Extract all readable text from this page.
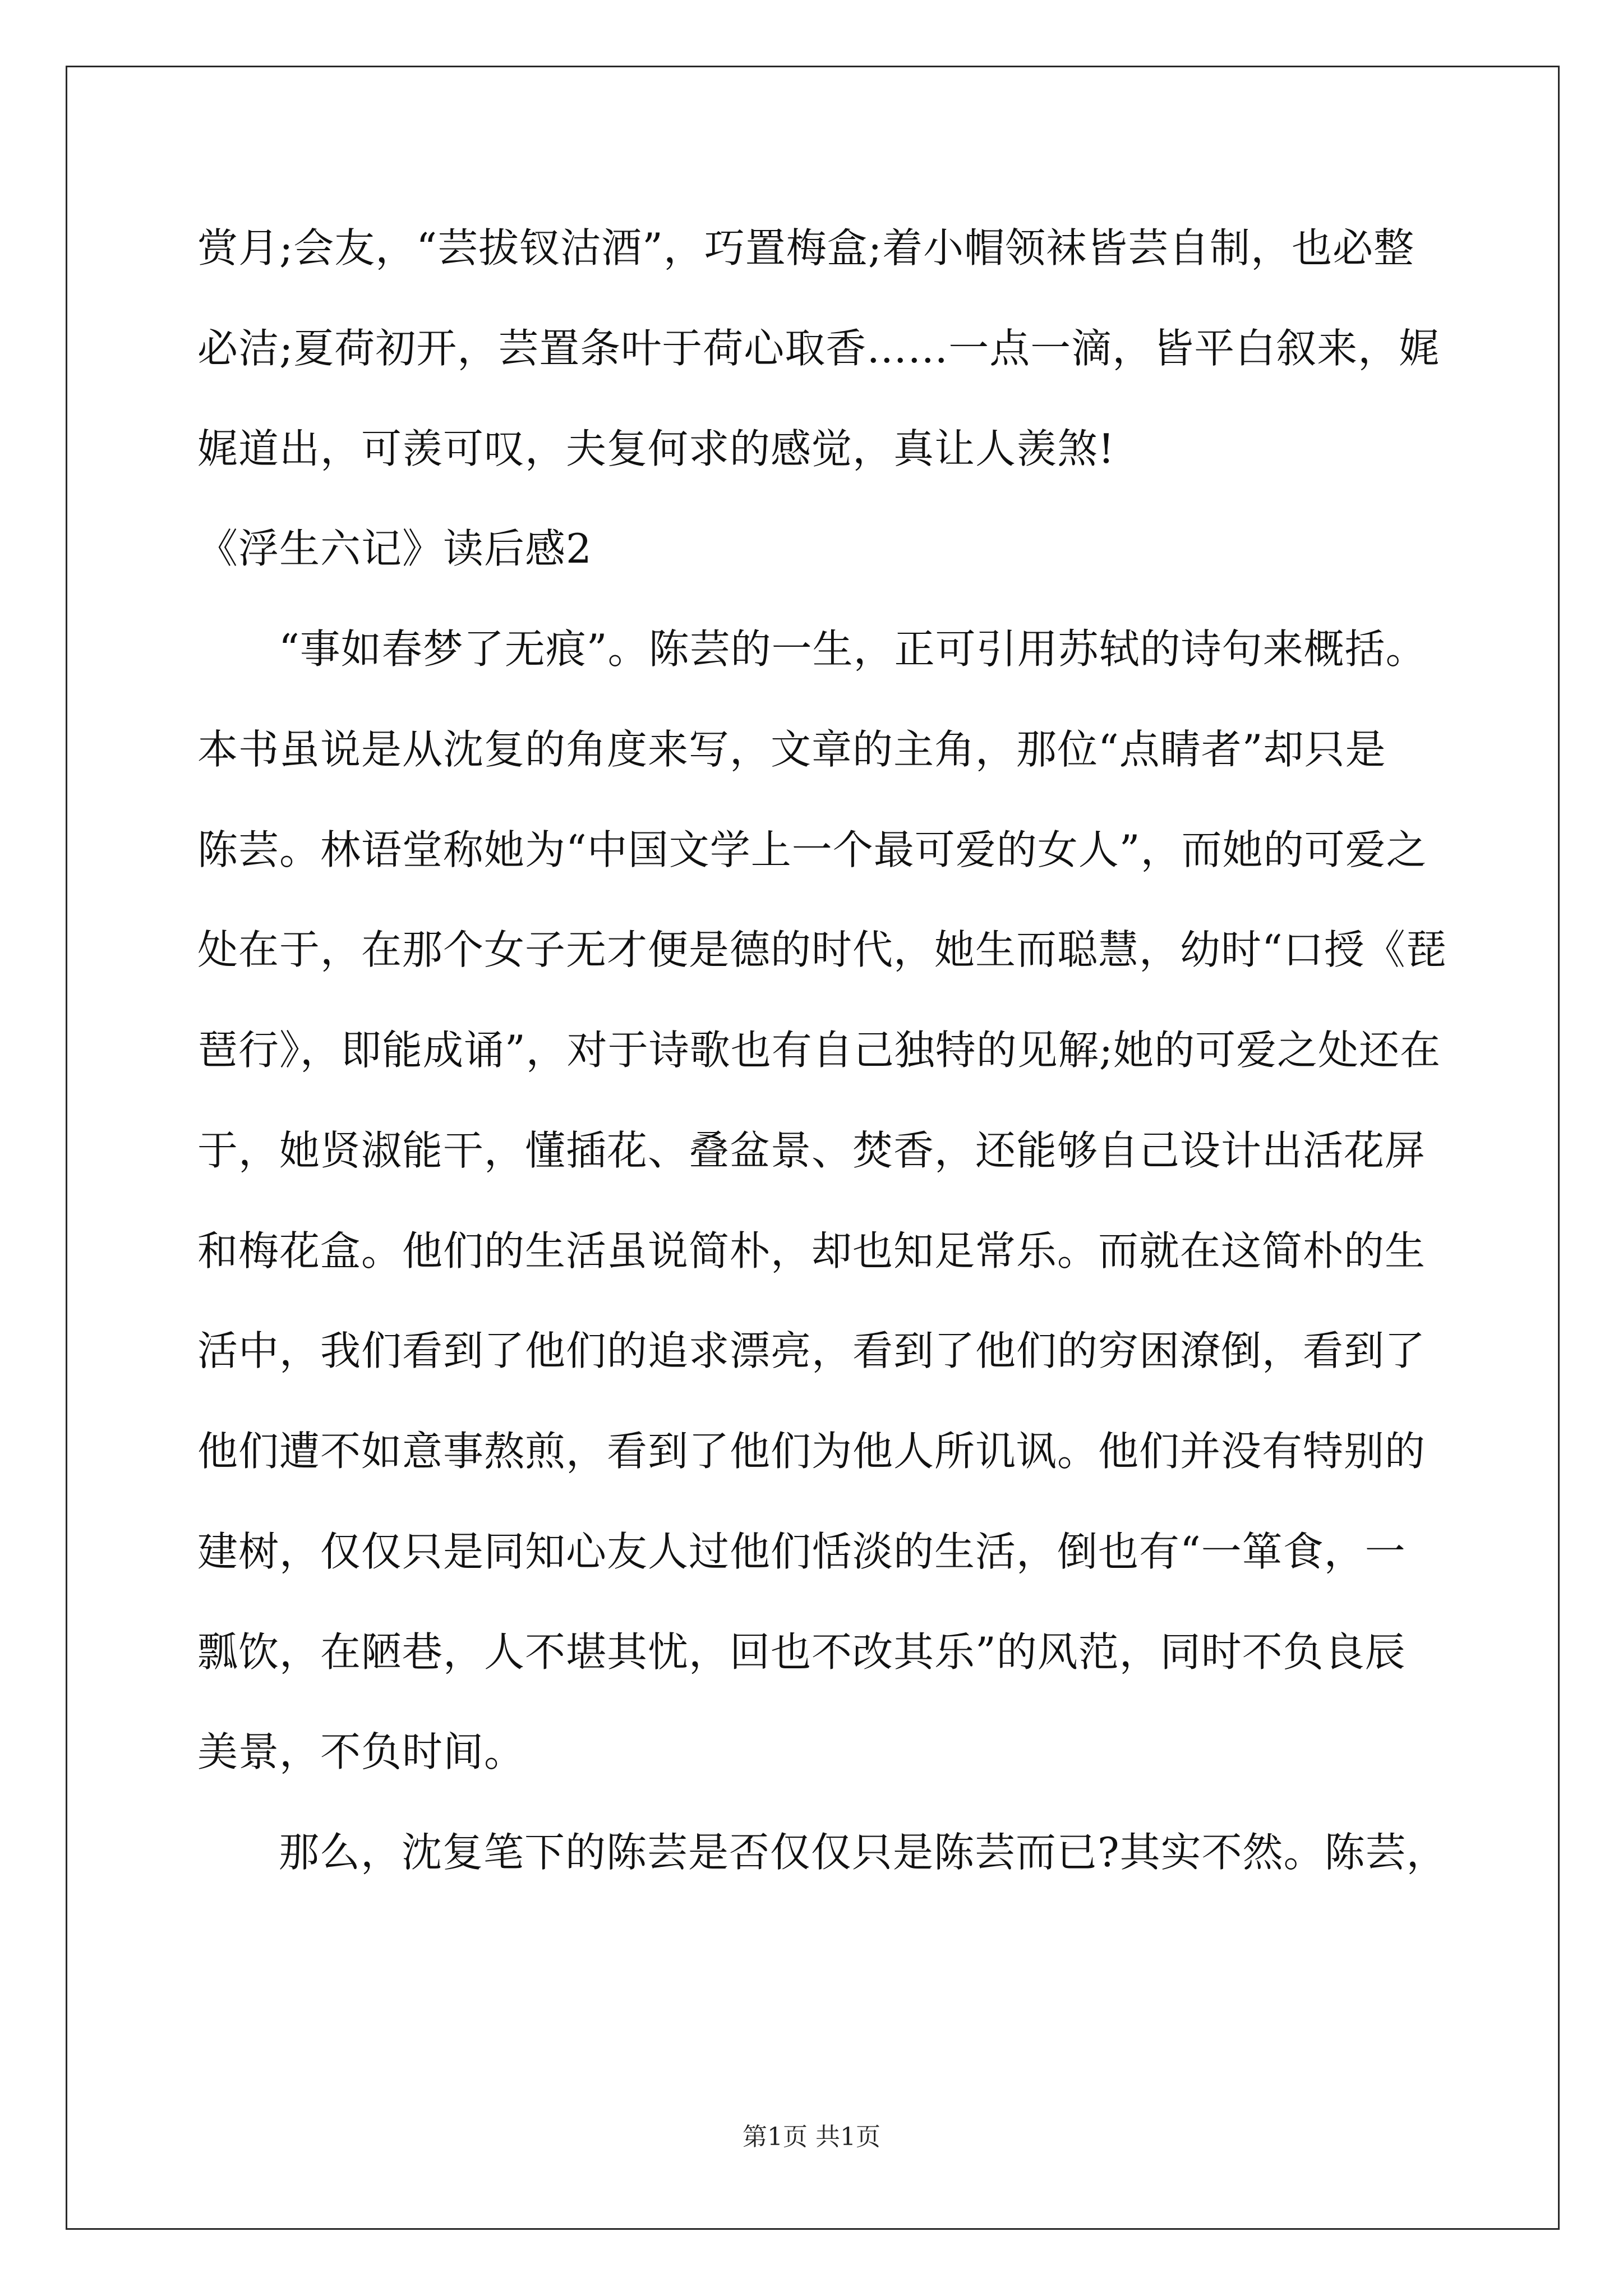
赏月;会友，“芸拔钗沽酒”，巧置梅盒;着小帽领袜皆芸自制，也必整
必洁;夏荷初开，芸置条叶于荷心取香……一点一滴，皆平白叙来，娓
娓道出，可羡可叹，夫复何求的感觉，真让人羡煞!
《浮生六记》读后感2
“事如春梦了无痕”。陈芸的一生，正可引用苏轼的诗句来概括。
本书虽说是从沈复的角度来写，文章的主角，那位“点睛者”却只是
陈芸。林语堂称她为“中国文学上一个最可爱的女人”，而她的可爱之
处在于，在那个女子无才便是德的时代，她生而聪慧，幼时“口授《琵
琶行》，即能成诵”，对于诗歌也有自己独特的见解;她的可爱之处还在
于，她贤淑能干，懂插花、叠盆景、焚香，还能够自己设计出活花屏
和梅花盒。他们的生活虽说简朴，却也知足常乐。而就在这简朴的生
活中，我们看到了他们的追求漂亮，看到了他们的穷困潦倒，看到了
他们遭不如意事熬煎，看到了他们为他人所讥讽。他们并没有特别的
建树，仅仅只是同知心友人过他们恬淡的生活，倒也有“一箪食，一
瓢饮，在陋巷，人不堪其忧，回也不改其乐”的风范，同时不负良辰
美景，不负时间。
那么，沈复笔下的陈芸是否仅仅只是陈芸而已?其实不然。陈芸，
第1页 共1页
